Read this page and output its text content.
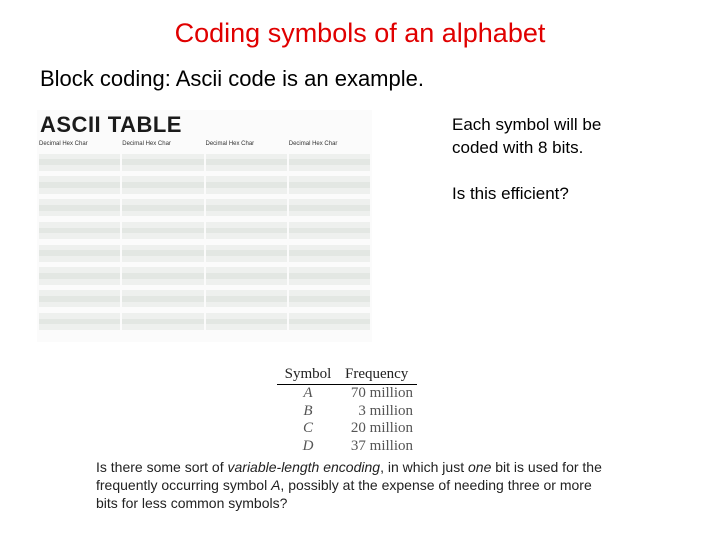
Coding symbols of an alphabet
Block coding: Ascii code is an example.
ASCII TABLE
Decimal Hex Char	Decimal Hex Char	Decimal Hex Char	Decimal Hex Char
Each symbol will be
coded with 8 bits.
Is this efficient?
Symbol Frequency
A	70 million
B	3 million
C	20 million
D	37 million
Is there some sort of variable-length encoding, in which just one bit is used for the frequently occurring symbol A, possibly at the expense of needing three or more bits for less common symbols?
